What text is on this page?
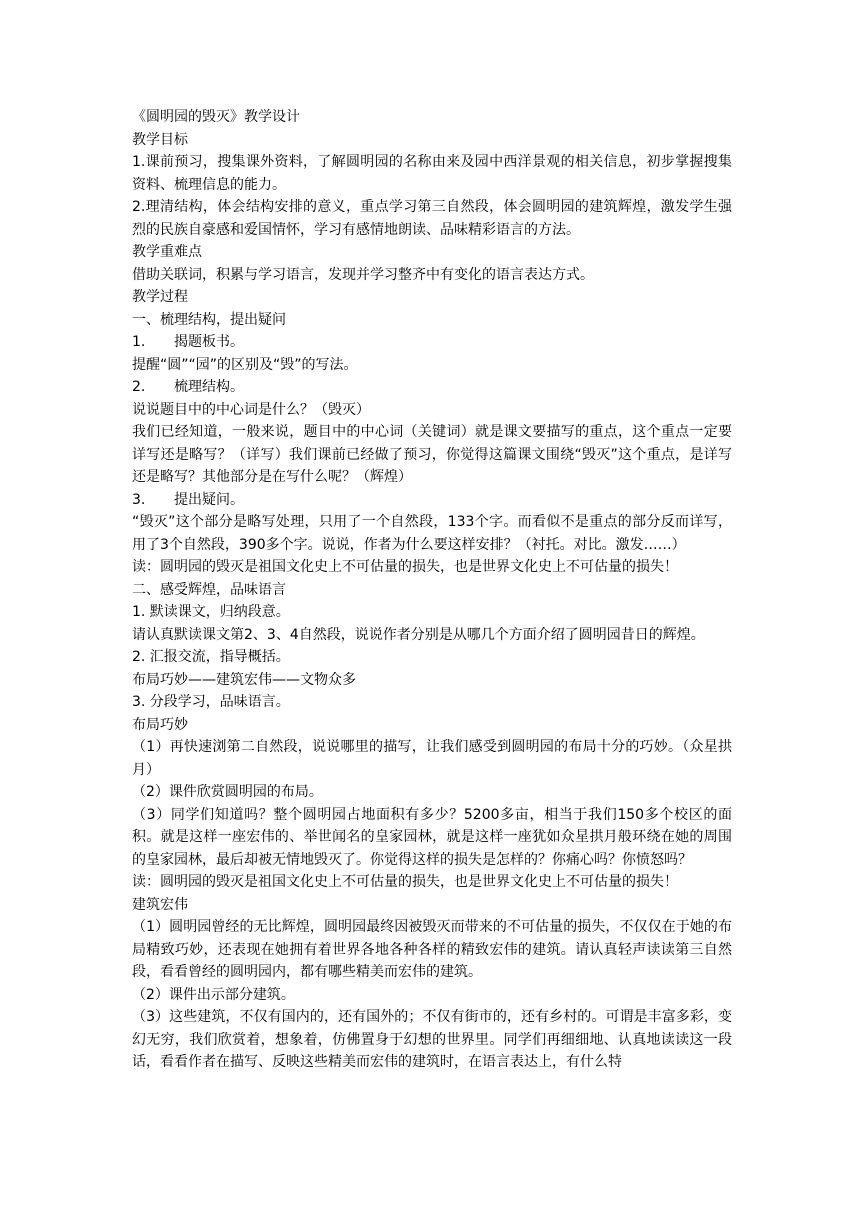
《圆明园的毁灭》教学设计
教学目标
1.课前预习，搜集课外资料，了解圆明园的名称由来及园中西洋景观的相关信息，初步掌握搜集资料、梳理信息的能力。
2.理清结构，体会结构安排的意义，重点学习第三自然段，体会圆明园的建筑辉煌，激发学生强烈的民族自豪感和爱国情怀，学习有感情地朗读、品味精彩语言的方法。
教学重难点
借助关联词，积累与学习语言，发现并学习整齐中有变化的语言表达方式。
教学过程
一、梳理结构，提出疑问
1.	揭题板书。
提醒“圆”“园”的区别及“毁”的写法。
2.	梳理结构。
说说题目中的中心词是什么？（毁灭）
我们已经知道，一般来说，题目中的中心词（关键词）就是课文要描写的重点，这个重点一定要详写还是略写？（详写）我们课前已经做了预习，你觉得这篇课文围绕“毁灭”这个重点，是详写还是略写？其他部分是在写什么呢？（辉煌）
3.	提出疑问。
“毁灭”这个部分是略写处理，只用了一个自然段，133个字。而看似不是重点的部分反而详写，用了3个自然段，390多个字。说说，作者为什么要这样安排？（衬托。对比。激发……）
读：圆明园的毁灭是祖国文化史上不可估量的损失，也是世界文化史上不可估量的损失！
二、感受辉煌，品味语言
1. 默读课文，归纳段意。
请认真默读课文第2、3、4自然段，说说作者分别是从哪几个方面介绍了圆明园昔日的辉煌。
2. 汇报交流，指导概括。
布局巧妙——建筑宏伟——文物众多
3. 分段学习，品味语言。
布局巧妙
（1）再快速浏第二自然段，说说哪里的描写，让我们感受到圆明园的布局十分的巧妙。（众星拱月）
（2）课件欣赏圆明园的布局。
（3）同学们知道吗？整个圆明园占地面积有多少？5200多亩，相当于我们150多个校区的面积。就是这样一座宏伟的、举世闻名的皇家园林，就是这样一座犹如众星拱月般环绕在她的周围的皇家园林，最后却被无情地毁灭了。你觉得这样的损失是怎样的？你痛心吗？你愤怒吗？
读：圆明园的毁灭是祖国文化史上不可估量的损失，也是世界文化史上不可估量的损失！
建筑宏伟
（1）圆明园曾经的无比辉煌，圆明园最终因被毁灭而带来的不可估量的损失，不仅仅在于她的布局精致巧妙，还表现在她拥有着世界各地各种各样的精致宏伟的建筑。请认真轻声读读第三自然段，看看曾经的圆明园内，都有哪些精美而宏伟的建筑。
（2）课件出示部分建筑。
（3）这些建筑，不仅有国内的，还有国外的；不仅有街市的，还有乡村的。可谓是丰富多彩，变幻无穷，我们欣赏着，想象着，仿佛置身于幻想的世界里。同学们再细细地、认真地读读这一段话，看看作者在描写、反映这些精美而宏伟的建筑时，在语言表达上，有什么特
